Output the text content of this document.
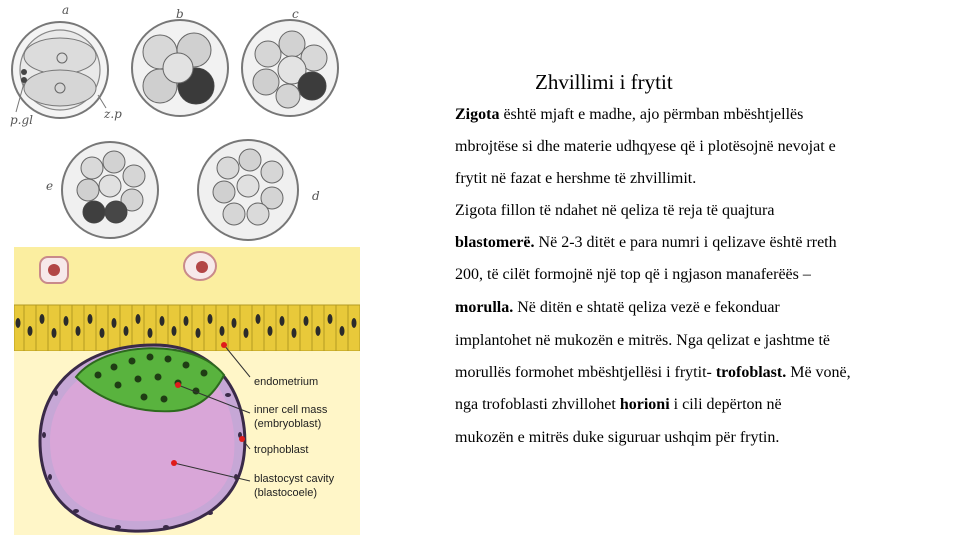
a	b	c
d
e
p.gl	z.p
endometrium
inner cell mass
(embryoblast)
trophoblast
blastocyst cavity
(blastocoele)
Zhvillimi i frytit
Zigota është mjaft e madhe, ajo përmban mbështjellës
mbrojtëse si dhe materie udhqyese që i plotësojnë nevojat e
frytit në fazat e hershme të zhvillimit.
Zigota fillon të ndahet në qeliza të reja të quajtura
blastomerë. Në 2-3 ditët e para numri i qelizave është rreth
200, të cilët formojnë një top që i ngjason manaferëës –
morulla. Në ditën e shtatë qeliza vezë e fekonduar
implantohet në mukozën e mitrës. Nga qelizat e jashtme të
morullës formohet mbështjellësi i frytit- trofoblast. Më vonë,
nga trofoblasti zhvillohet horioni i cili depërton në
mukozën e mitrës duke siguruar ushqim për frytin.
